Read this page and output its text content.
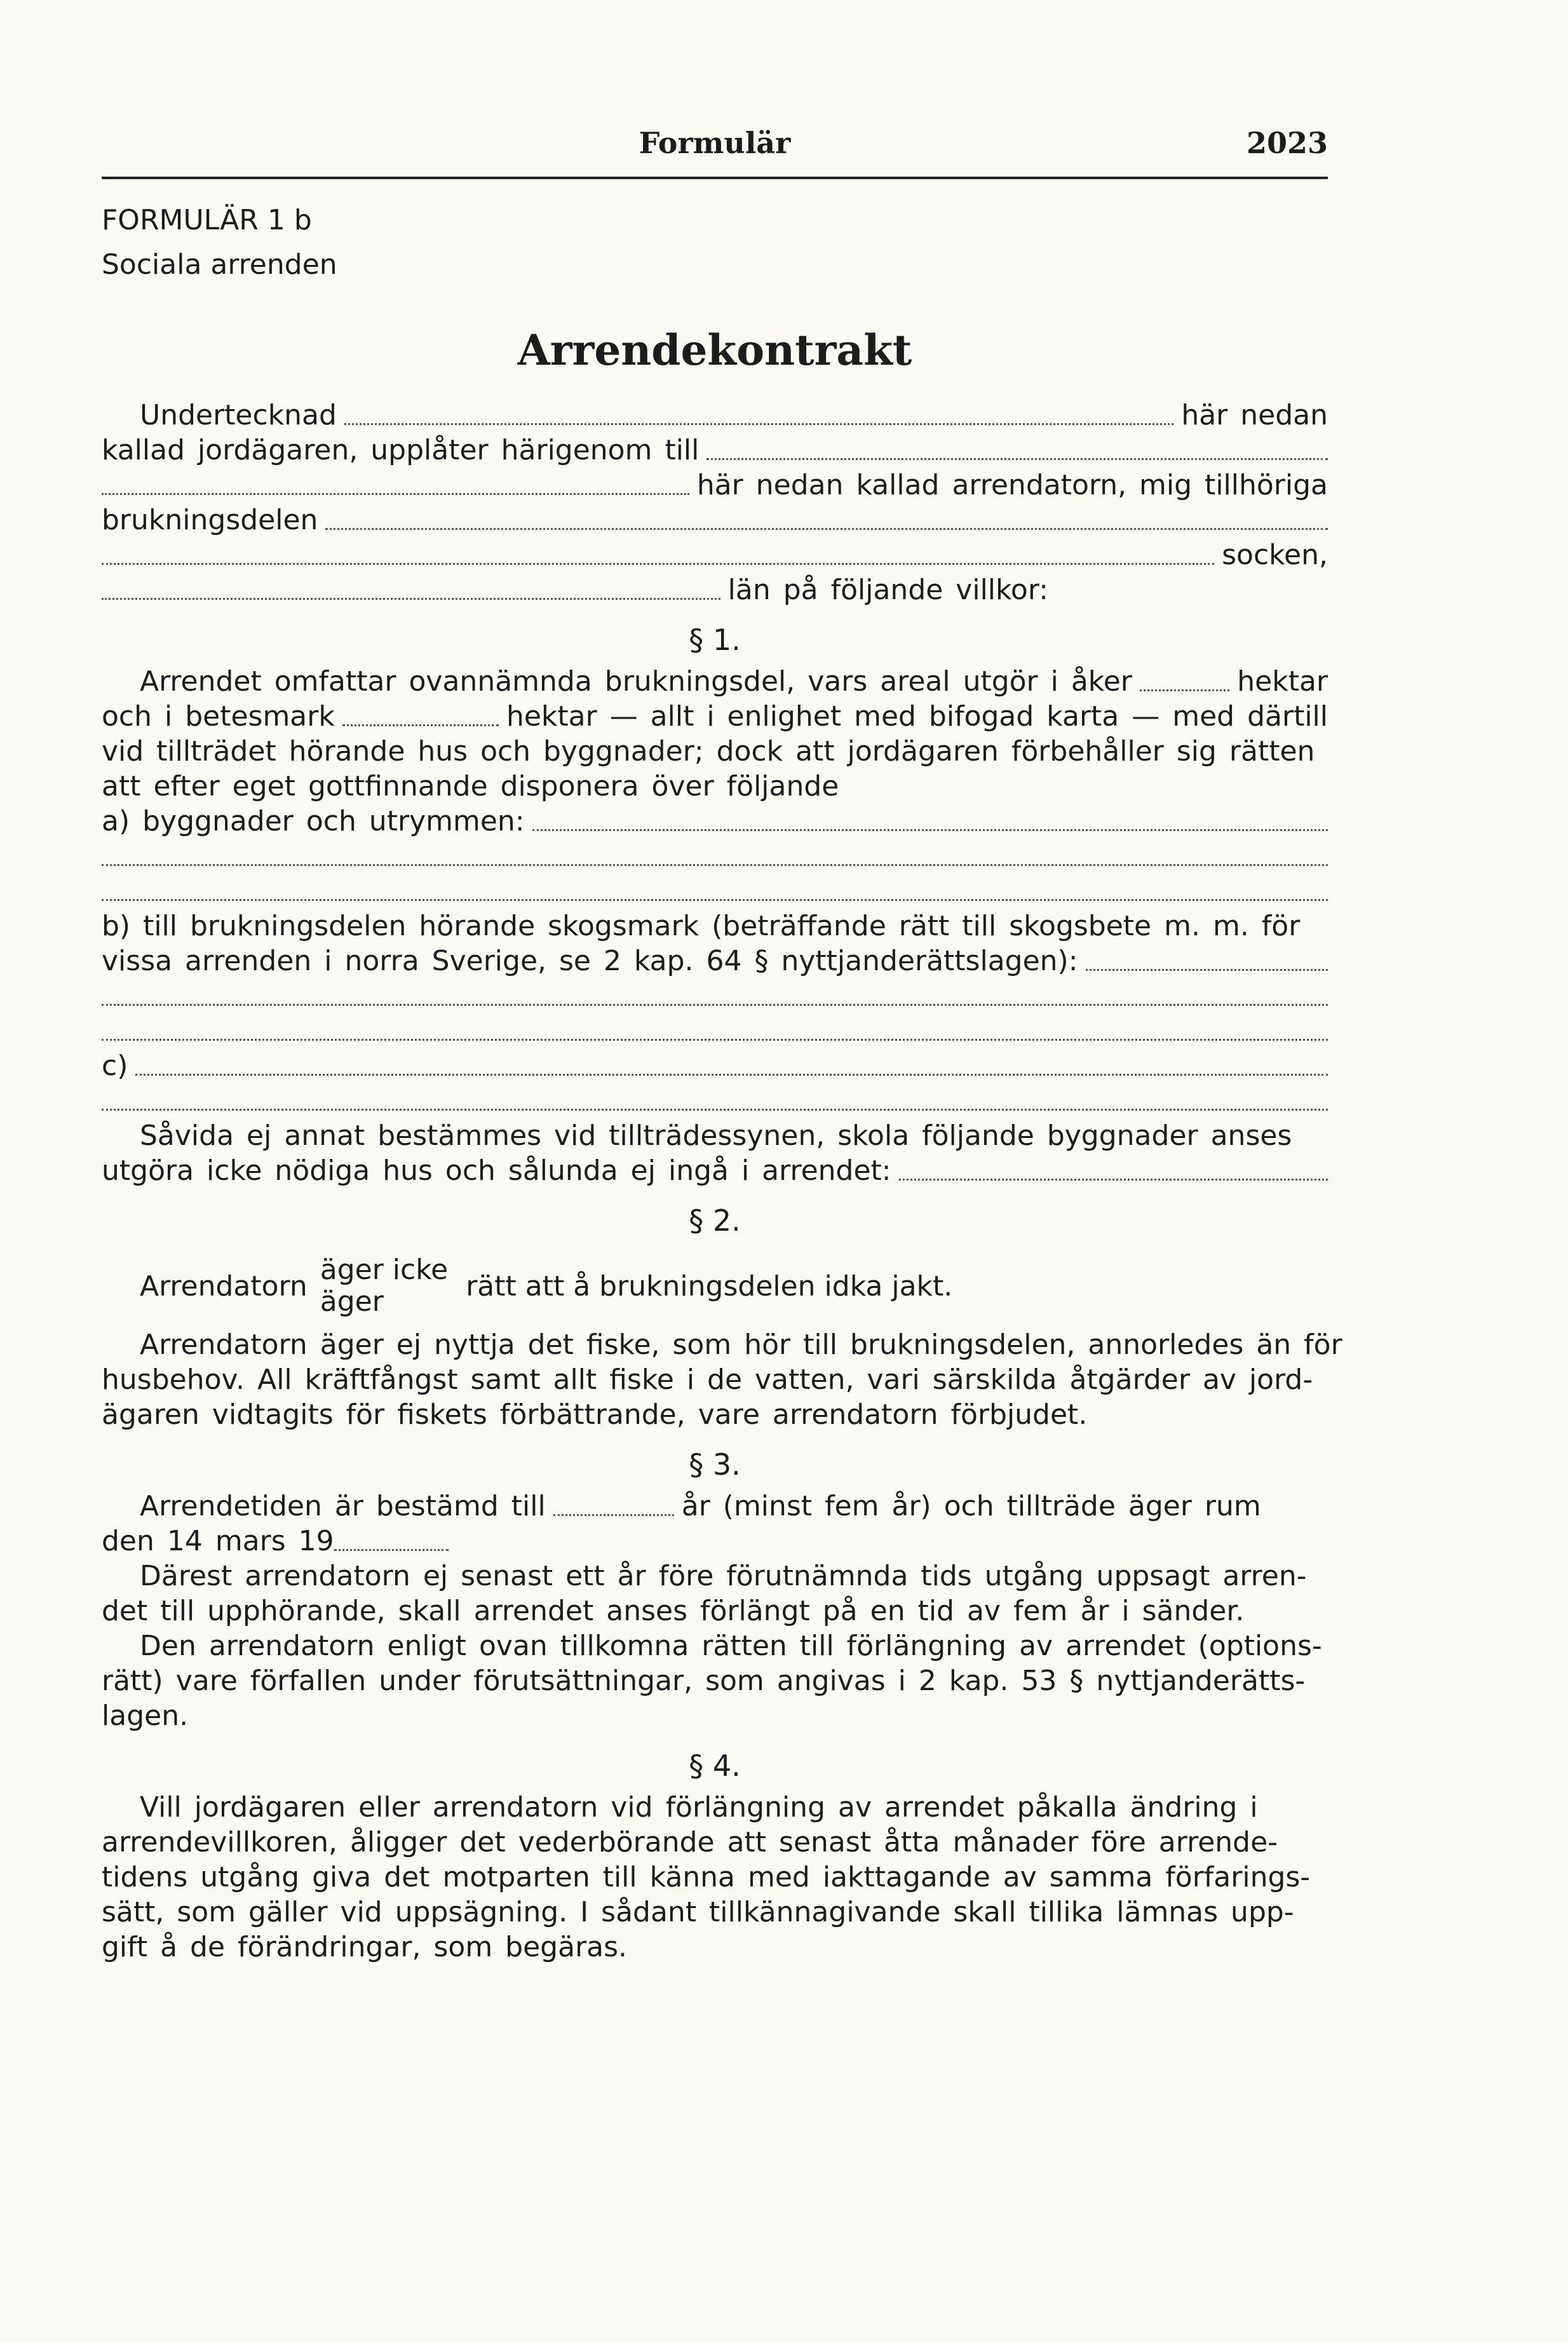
Formulär	2023
FORMULÄR 1 b
Sociala arrenden
Arrendekontrakt
Undertecknad	här nedan
kallad jordägaren, upplåter härigenom till
här nedan kallad arrendatorn, mig tillhöriga
brukningsdelen
socken,
län på följande villkor:
§ 1.
Arrendet omfattar ovannämnda brukningsdel, vars areal utgör i åker	hektar
och i betesmark	hektar — allt i enlighet med bifogad karta — med därtill
vid tillträdet hörande hus och byggnader; dock att jordägaren förbehåller sig rätten
att efter eget gottfinnande disponera över följande
a) byggnader och utrymmen:
b) till brukningsdelen hörande skogsmark (beträffande rätt till skogsbete m. m. för
vissa arrenden i norra Sverige, se 2 kap. 64 § nyttjanderättslagen):
c)
Såvida ej annat bestämmes vid tillträdessynen, skola följande byggnader anses
utgöra icke nödiga hus och sålunda ej ingå i arrendet:
§ 2.
Arrendatorn äger icke
äger	rätt att å brukningsdelen idka jakt.
Arrendatorn äger ej nyttja det fiske, som hör till brukningsdelen, annorledes än för
husbehov. All kräftfångst samt allt fiske i de vatten, vari särskilda åtgärder av jord-
ägaren vidtagits för fiskets förbättrande, vare arrendatorn förbjudet.
§ 3.
Arrendetiden är bestämd till	år (minst fem år) och tillträde äger rum
den 14 mars 19
Därest arrendatorn ej senast ett år före förutnämnda tids utgång uppsagt arren-
det till upphörande, skall arrendet anses förlängt på en tid av fem år i sänder.
Den arrendatorn enligt ovan tillkomna rätten till förlängning av arrendet (options-
rätt) vare förfallen under förutsättningar, som angivas i 2 kap. 53 § nyttjanderätts-
lagen.
§ 4.
Vill jordägaren eller arrendatorn vid förlängning av arrendet påkalla ändring i
arrendevillkoren, åligger det vederbörande att senast åtta månader före arrende-
tidens utgång giva det motparten till känna med iakttagande av samma förfarings-
sätt, som gäller vid uppsägning. I sådant tillkännagivande skall tillika lämnas upp-
gift å de förändringar, som begäras.
